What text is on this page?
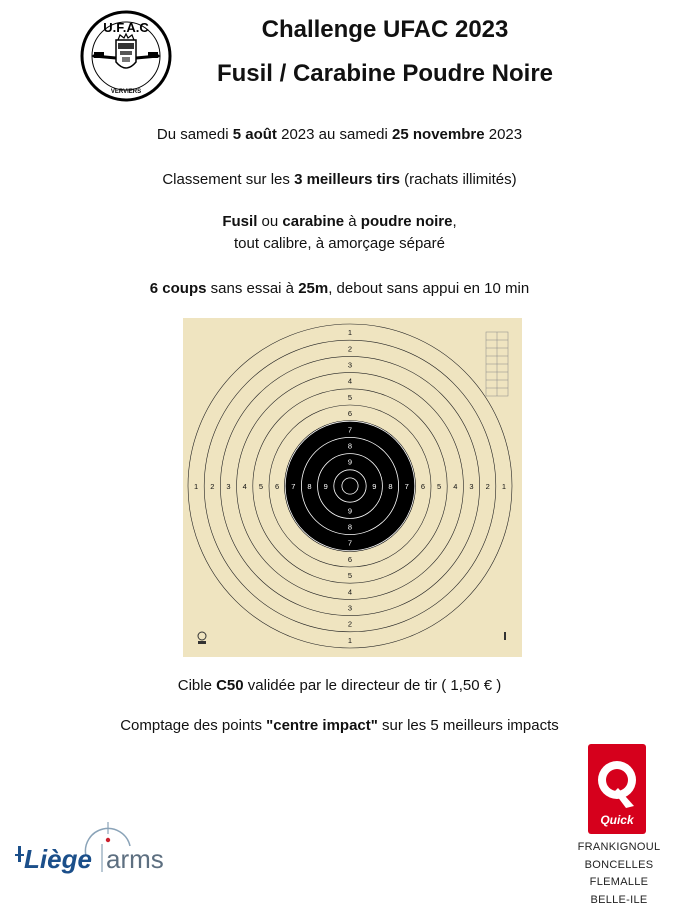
U.F.A.C
VERVIERS
Challenge UFAC 2023
Fusil / Carabine Poudre Noire
Du samedi 5 août 2023 au samedi 25 novembre 2023
Classement sur les 3 meilleurs tirs (rachats illimités)
Fusil ou carabine à poudre noire,
tout calibre, à amorçage séparé
6 coups sans essai à 25m, debout sans appui en 10 min
1
1
1	1
2
2
2	2
3
3
3	3
4
4
4	4
5
5
5	5
6
6
6	6
7
7
7	7
8
8
8	8
9
9
9	9
Cible C50 validée par le directeur de tir ( 1,50 € )
Comptage des points "centre impact" sur les 5 meilleurs impacts
Liège arms
Quick
FRANKIGNOUL
BONCELLES
FLEMALLE
BELLE-ILE
